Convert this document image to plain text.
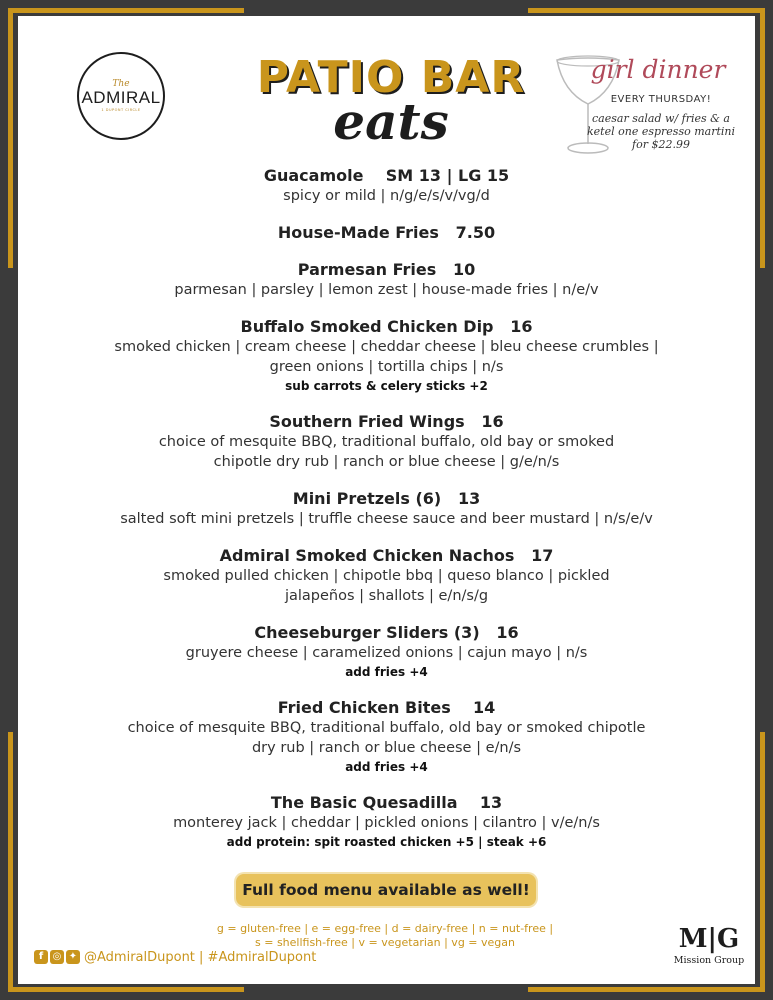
The
ADMIRAL
1 DUPONT CIRCLE
PATIO BAR
eats
girl dinner
EVERY THURSDAY!
caesar salad w/ fries & a
ketel one espresso martini
for $22.99
Guacamole    SM 13 | LG 15
spicy or mild | n/g/e/s/v/vg/d
House-Made Fries   7.50
Parmesan Fries   10
parmesan | parsley | lemon zest | house-made fries | n/e/v
Buffalo Smoked Chicken Dip   16
smoked chicken | cream cheese | cheddar cheese | bleu cheese crumbles |
green onions | tortilla chips | n/s
sub carrots & celery sticks +2
Southern Fried Wings   16
choice of mesquite BBQ, traditional buffalo, old bay or smoked
chipotle dry rub | ranch or blue cheese | g/e/n/s
Mini Pretzels (6)   13
salted soft mini pretzels | truffle cheese sauce and beer mustard | n/s/e/v
Admiral Smoked Chicken Nachos   17
smoked pulled chicken | chipotle bbq | queso blanco | pickled
jalapeños | shallots | e/n/s/g
Cheeseburger Sliders (3)   16
gruyere cheese | caramelized onions | cajun mayo | n/s
add fries +4
Fried Chicken Bites    14
choice of mesquite BBQ, traditional buffalo, old bay or smoked chipotle
dry rub | ranch or blue cheese | e/n/s
add fries +4
The Basic Quesadilla    13
monterey jack | cheddar | pickled onions | cilantro | v/e/n/s
add protein: spit roasted chicken +5 | steak +6
Full food menu available as well!
g = gluten-free | e = egg-free | d = dairy-free | n = nut-free |
s = shellfish-free | v = vegetarian | vg = vegan
f ◎ ✦ @AdmiralDupont | #AdmiralDupont
M|G
Mission Group
